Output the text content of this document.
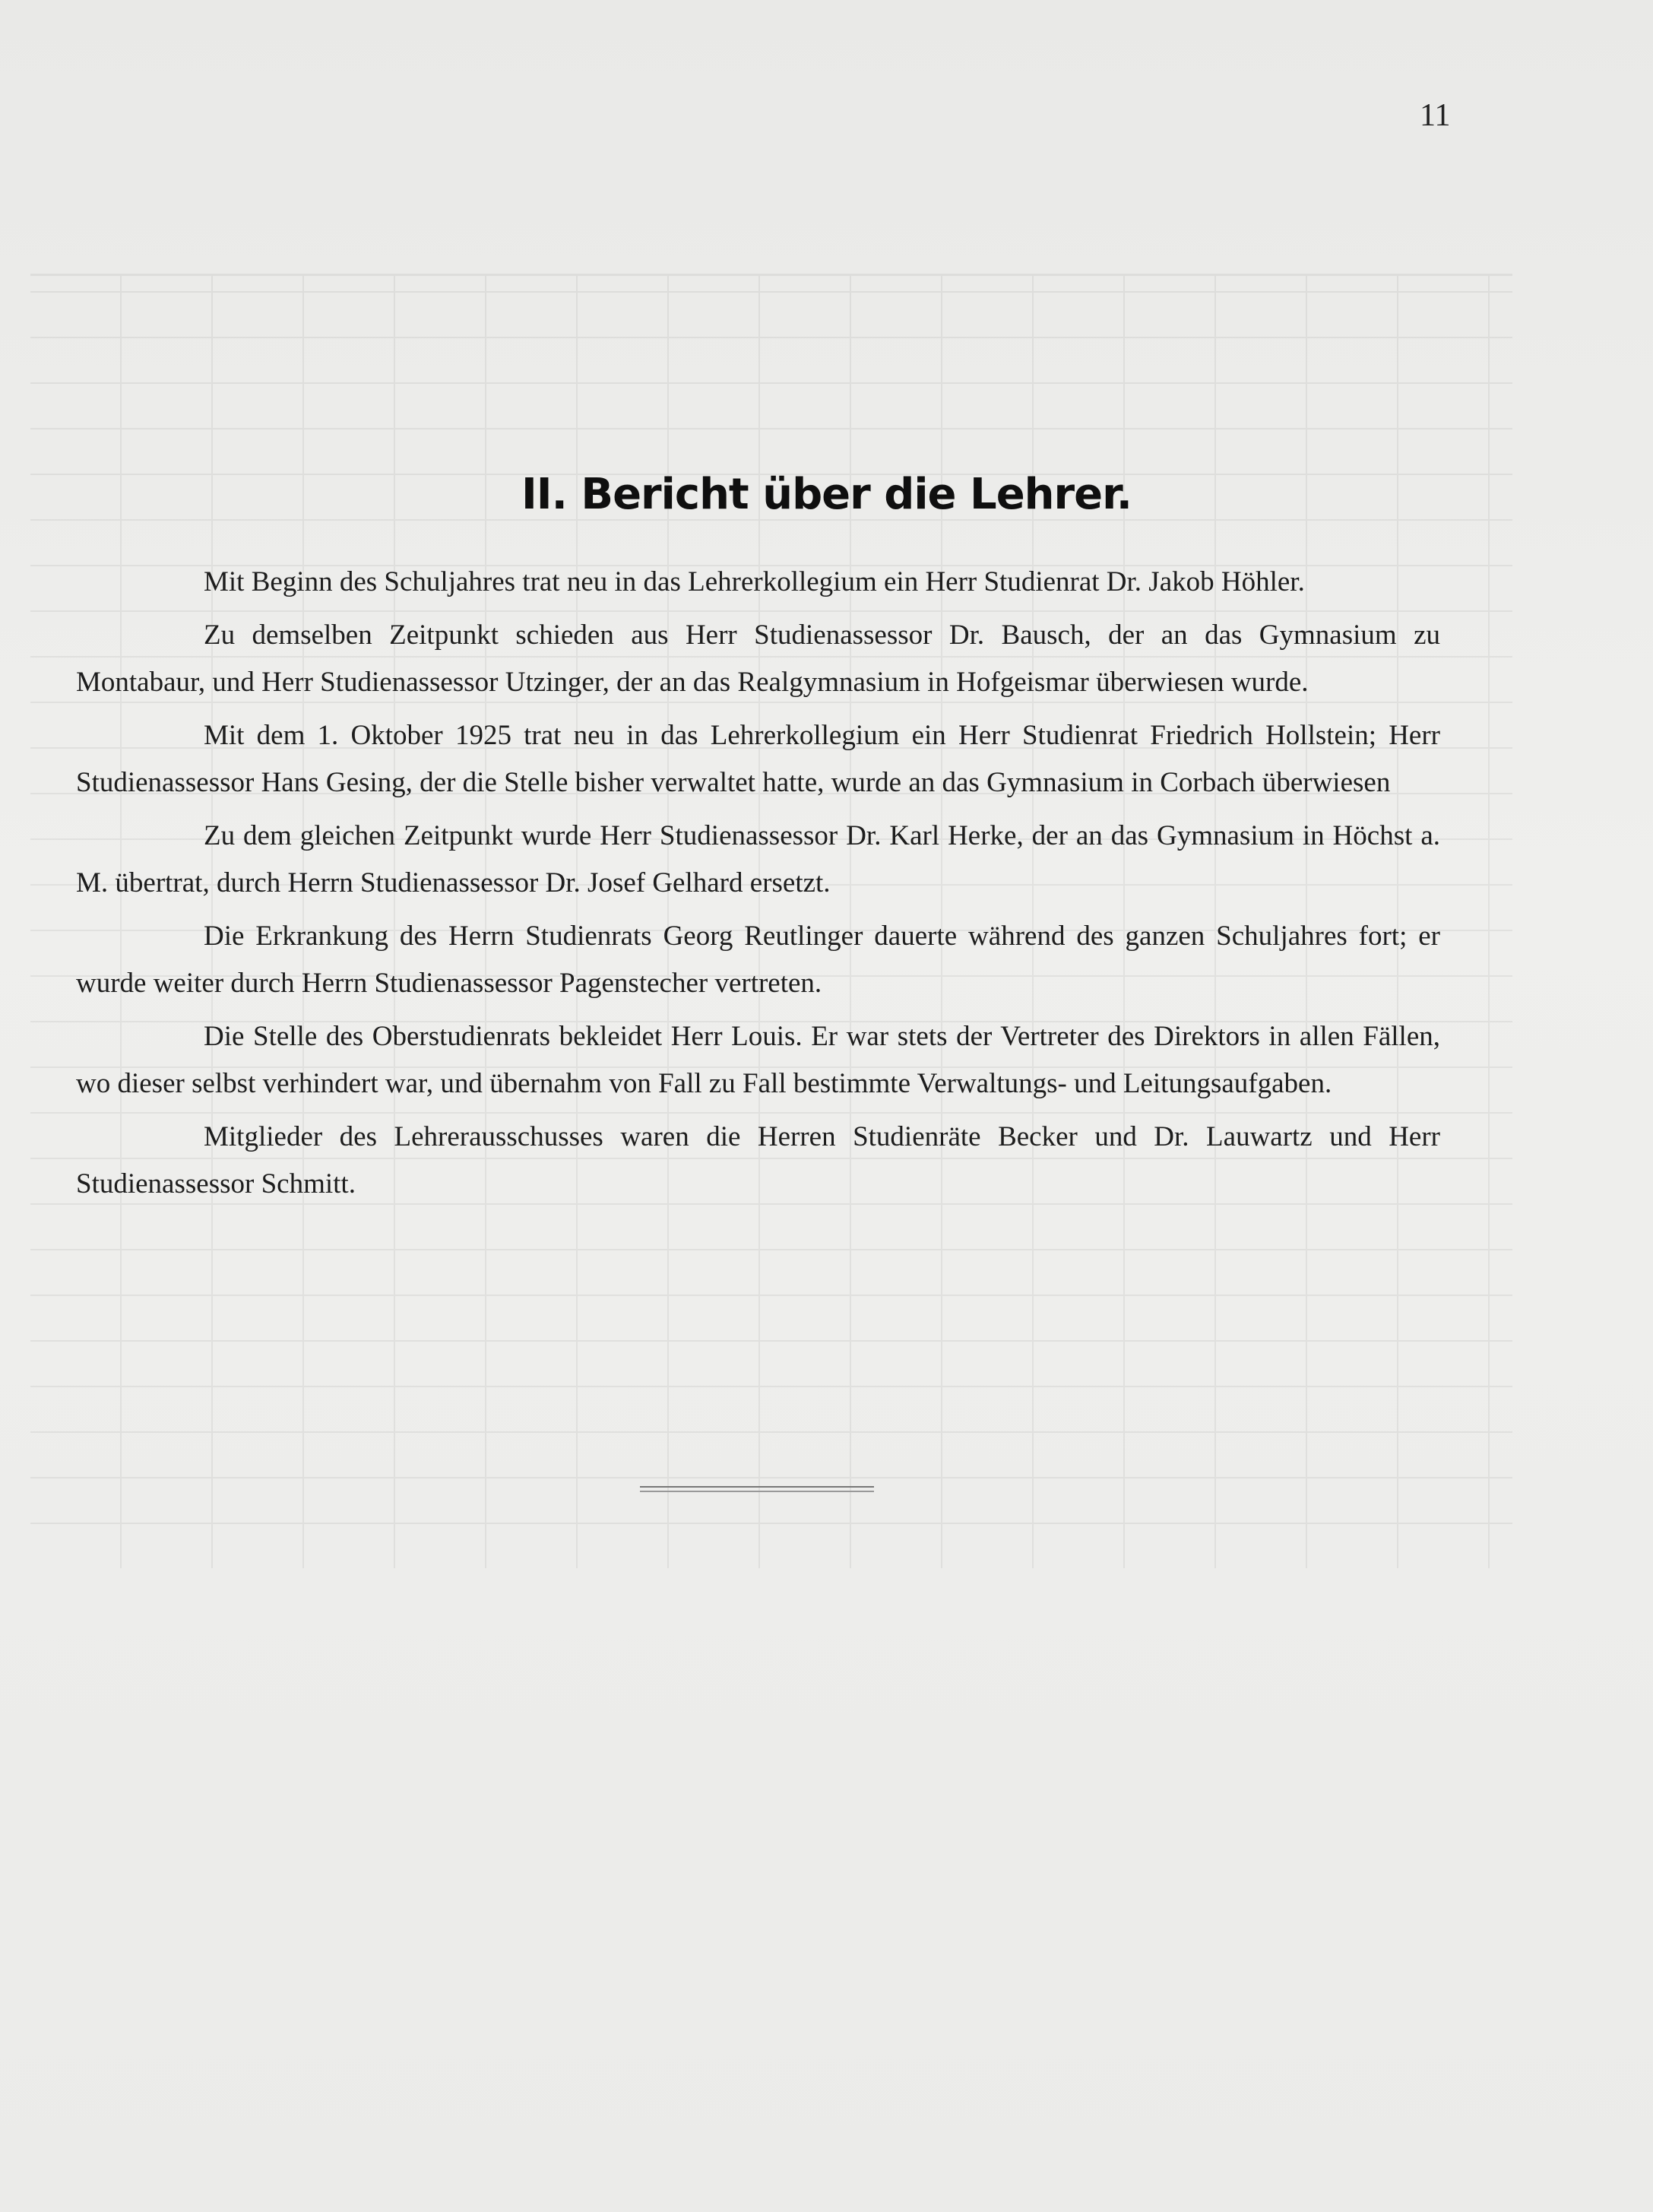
11
II. Bericht über die Lehrer.

Mit Beginn des Schuljahres trat neu in das Lehrerkollegium ein Herr Studienrat Dr. Jakob Höhler.

Zu demselben Zeitpunkt schieden aus Herr Studienassessor Dr. Bausch, der an das Gymnasium zu Montabaur, und Herr Studienassessor Utzinger, der an das Realgymnasium in Hofgeismar überwiesen wurde.

Mit dem 1. Oktober 1925 trat neu in das Lehrerkollegium ein Herr Studienrat Friedrich Hollstein; Herr Studienassessor Hans Gesing, der die Stelle bisher verwaltet hatte, wurde an das Gymnasium in Corbach überwiesen

Zu dem gleichen Zeitpunkt wurde Herr Studienassessor Dr. Karl Herke, der an das Gymnasium in Höchst a. M. übertrat, durch Herrn Studienassessor Dr. Josef Gelhard ersetzt.

Die Erkrankung des Herrn Studienrats Georg Reutlinger dauerte während des ganzen Schuljahres fort; er wurde weiter durch Herrn Studienassessor Pagenstecher vertreten.

Die Stelle des Oberstudienrats bekleidet Herr Louis. Er war stets der Vertreter des Direktors in allen Fällen, wo dieser selbst verhindert war, und übernahm von Fall zu Fall bestimmte Verwaltungs- und Leitungsaufgaben.

Mitglieder des Lehrerausschusses waren die Herren Studienräte Becker und Dr. Lauwartz und Herr Studienassessor Schmitt.
